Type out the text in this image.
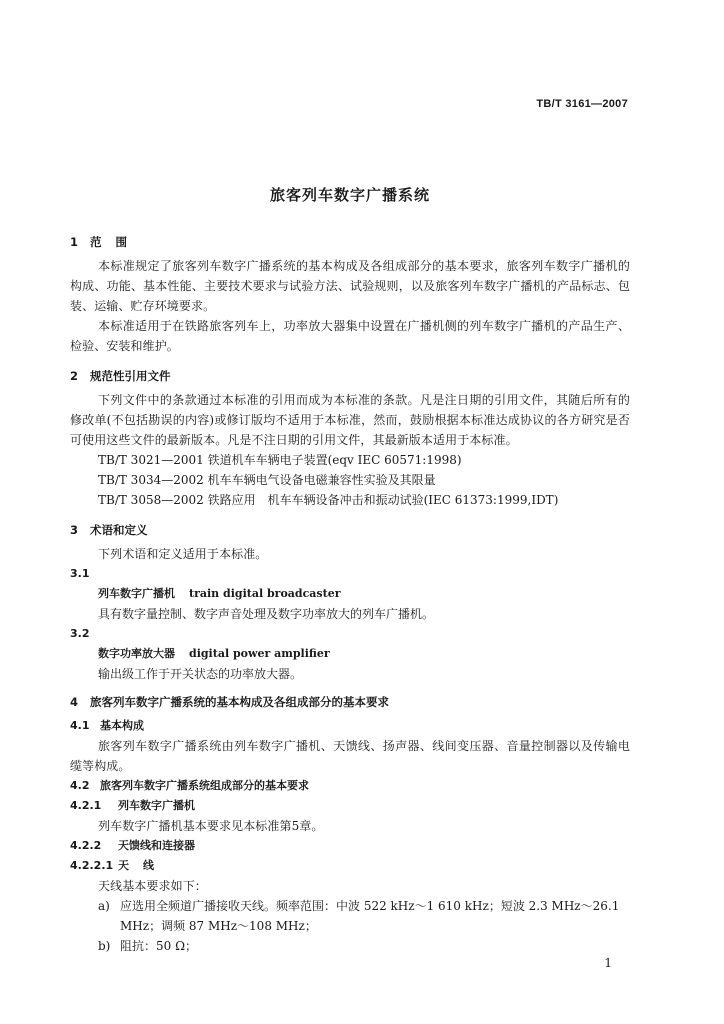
TB/T 3161—2007
旅客列车数字广播系统
1 范围

本标准规定了旅客列车数字广播系统的基本构成及各组成部分的基本要求，旅客列车数字广播机的构成、功能、基本性能、主要技术要求与试验方法、试验规则，以及旅客列车数字广播机的产品标志、包装、运输、贮存环境要求。

本标准适用于在铁路旅客列车上，功率放大器集中设置在广播机侧的列车数字广播机的产品生产、检验、安装和维护。

2 规范性引用文件

下列文件中的条款通过本标准的引用而成为本标准的条款。凡是注日期的引用文件，其随后所有的修改单(不包括勘误的内容)或修订版均不适用于本标准，然而，鼓励根据本标准达成协议的各方研究是否可使用这些文件的最新版本。凡是不注日期的引用文件，其最新版本适用于本标准。

TB/T 3021—2001 铁道机车车辆电子装置(eqv IEC 60571:1998)
TB/T 3034—2002 机车车辆电气设备电磁兼容性实验及其限量
TB/T 3058—2002 铁路应用　机车车辆设备冲击和振动试验(IEC 61373:1999,IDT)
3 术语和定义

下列术语和定义适用于本标准。

3.1
列车数字广播机 train digital broadcaster
具有数字量控制、数字声音处理及数字功率放大的列车广播机。
3.2
数字功率放大器 digital power amplifier
输出级工作于开关状态的功率放大器。
4 旅客列车数字广播系统的基本构成及各组成部分的基本要求
4.1 基本构成

旅客列车数字广播系统由列车数字广播机、天馈线、扬声器、线间变压器、音量控制器以及传输电缆等构成。

4.2 旅客列车数字广播系统组成部分的基本要求
4.2.1 列车数字广播机

列车数字广播机基本要求见本标准第5章。

4.2.2 天馈线和连接器
4.2.2.1 天线

天线基本要求如下：

a) 应选用全频道广播接收天线。频率范围：中波 522 kHz～1 610 kHz；短波 2.3 MHz～26.1 MHz；调频 87 MHz～108 MHz；
b) 阻抗：50 Ω；
1
